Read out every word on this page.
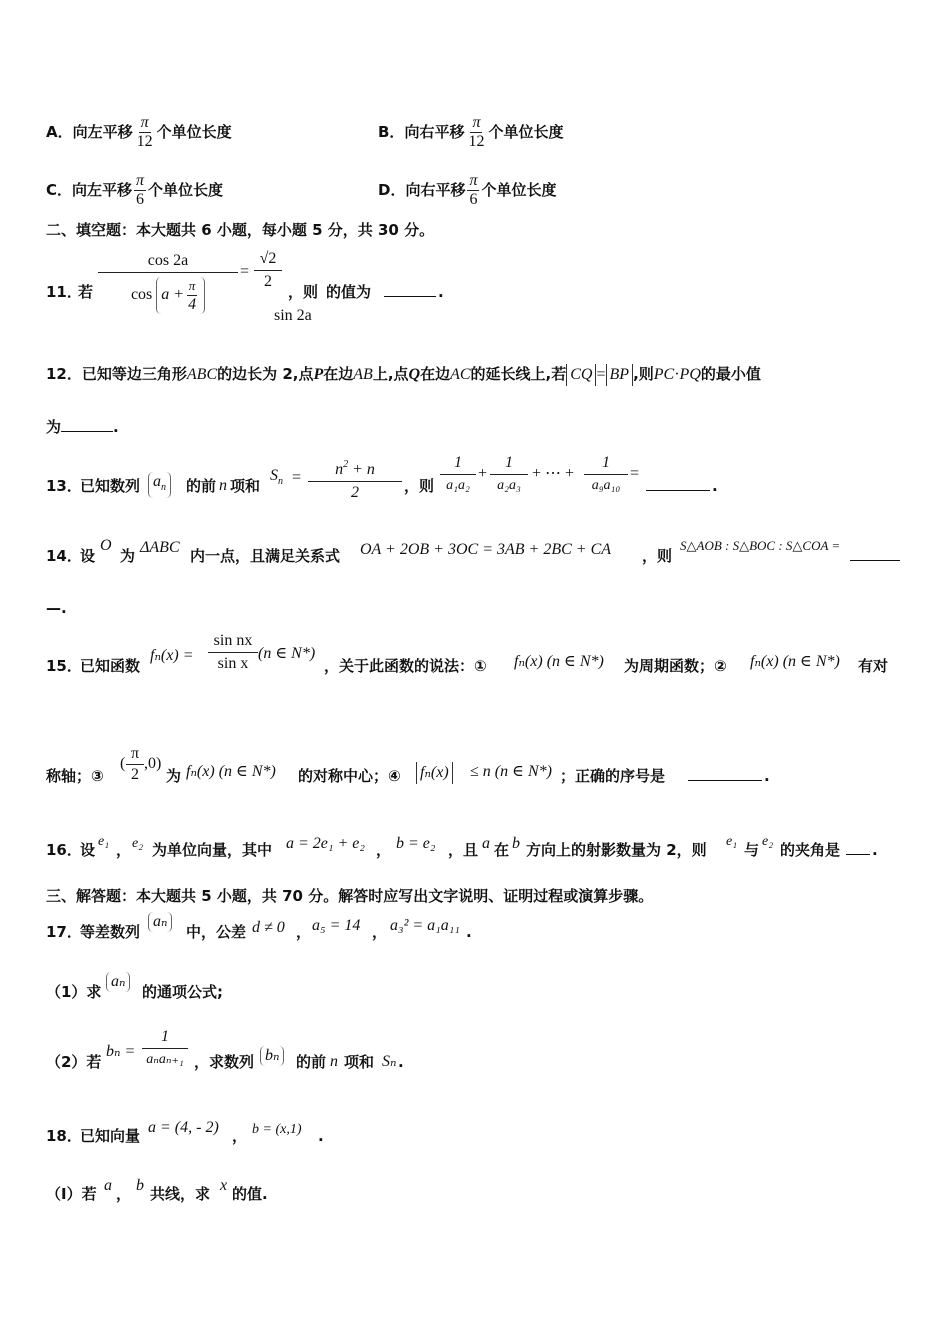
A．向左平移 $\frac{\pi}{12}$ 个单位长度	B．向右平移 $\frac{\pi}{12}$ 个单位长度
C．向左平移 $\frac{\pi}{6}$ 个单位长度	D．向右平移 $\frac{\pi}{6}$ 个单位长度
二、填空题：本大题共 6 小题，每小题 5 分，共 30 分。
11．
若 $\frac{\cos 2a}{\cos a + \frac{\pi}{4}} = \frac{√2}{2}$ ，则
sin 2a
的值为	.
12．已知等边三角形ABC的边长为 2,点P在边AB上,点Q在边AC的延长线上,若 CQ = BP ,则PC·PQ的最小值
为	.
13．
已知数列 $a_n$	的前 n 项和
$S_n = \frac{n^2 + n}{2}$ ，则 $\frac{1}{\text{a₁a₂}} + \frac{1}{\text{a₂a₃}}$ + ⋯ + $\frac{1}{\text{a₉a₁₀}}$ =
.
14．
设
O
为 ΔABC 内一点，且满足关系式 OA + 2OB + 3OC = 3AB + 2BC + CA ，则
S△AOB : S△BOC : S△COA =
—.
15．
已知函数
$f_n(x) = \frac{\text{sin nx}}{\text{sin x}} (n$ ∈ N*)
，关于此函数的说法：① fₙ(x) (n ∈ N*) 为周期函数；② fₙ(x) (n ∈ N*) 有对
称轴；③
( $\frac{\pi}{2} ,0$)
为 fₙ(x) (n ∈ N*) 的对称中心；④ fₙ(x) ≤ n (n ∈ N*) ；正确的序号是	.
16．
设 e₁ ， e₂ 为单位向量，其中 a = 2e₁ + e₂ ， b = e₂ ，且 a 在 b 方向上的射影数量为 2，则 e₁ 与 e₂ 的夹角是 .
三、解答题：本大题共 5 小题，共 70 分。解答时应写出文字说明、证明过程或演算步骤。
17．
等差数列
aₙ
中，公差 d ≠ 0 ， a₅ = 14 ， a₃² = a₁a₁₁ .
（1）求
aₙ
的通项公式;
（2）若
bₙ =
1
aₙaₙ₊₁ ，求数列 bₙ	的前 n 项和 Sₙ .
18．
已知向量 a = (4, - 2) ， b = (x,1) .
（I）若 a ， b 共线，求 x 的值.
